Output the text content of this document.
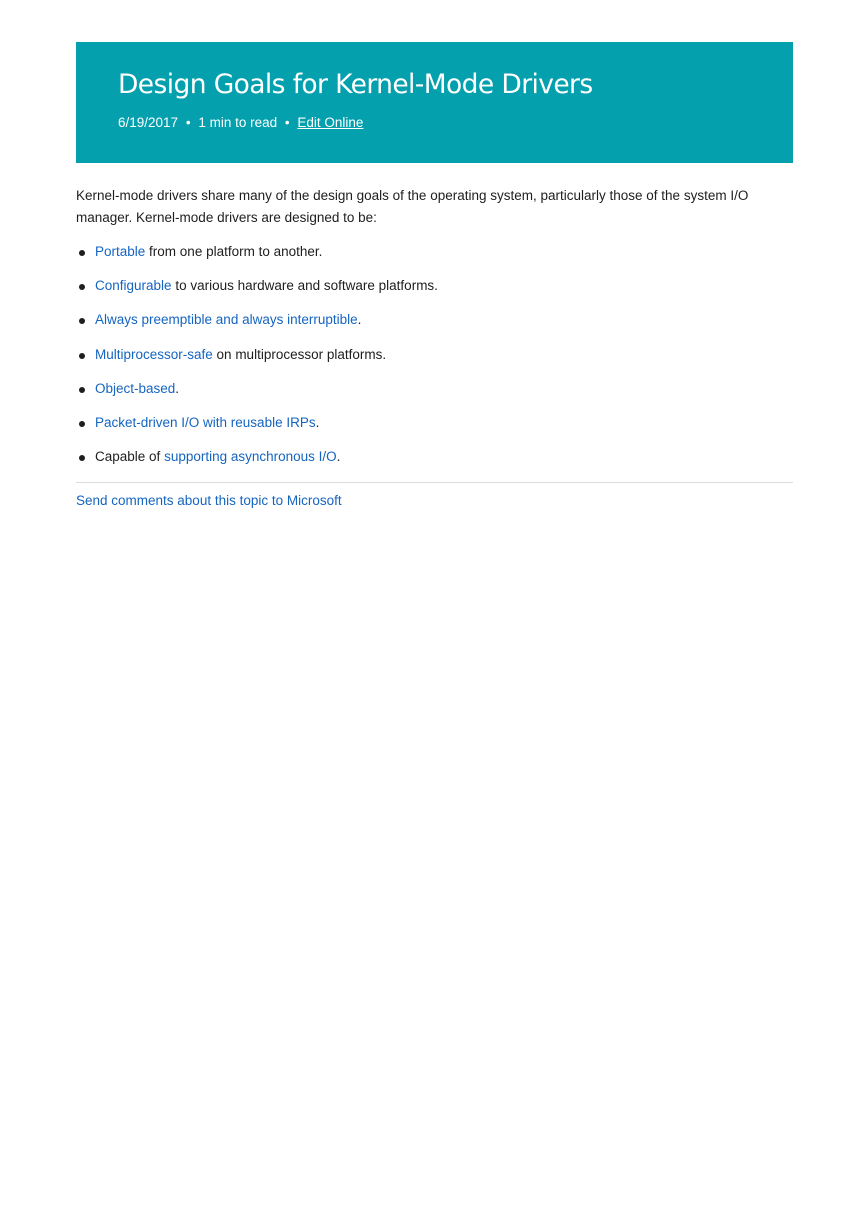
Design Goals for Kernel-Mode Drivers
6/19/2017 • 1 min to read • Edit Online

Kernel-mode drivers share many of the design goals of the operating system, particularly those of the system I/O manager. Kernel-mode drivers are designed to be:

Portable from one platform to another.
Configurable to various hardware and software platforms.
Always preemptible and always interruptible.
Multiprocessor-safe on multiprocessor platforms.
Object-based.
Packet-driven I/O with reusable IRPs.
Capable of supporting asynchronous I/O.
Send comments about this topic to Microsoft
